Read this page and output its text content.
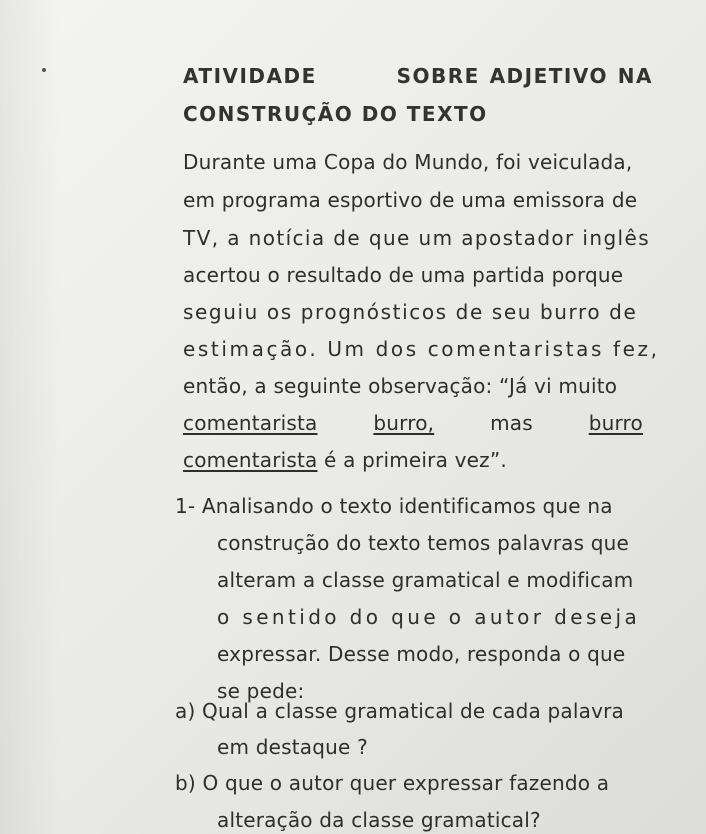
ATIVIDADE	SOBRE ADJETIVO NA
CONSTRUÇÃO DO TEXTO
Durante uma Copa do Mundo, foi veiculada,
em programa esportivo de uma emissora de
TV, a notícia de que um apostador inglês
acertou o resultado de uma partida porque
seguiu os prognósticos de seu burro de
estimação. Um dos comentaristas fez,
então, a seguinte observação: “Já vi muito
comentarista	burro,	mas	burro
comentarista é a primeira vez”.
1- Analisando o texto identificamos que na
construção do texto temos palavras que
alteram a classe gramatical e modificam
o sentido do que o autor deseja
expressar. Desse modo, responda o que
se pede:
a) Qual a classe gramatical de cada palavra
em destaque ?
b) O que o autor quer expressar fazendo a
alteração da classe gramatical?
